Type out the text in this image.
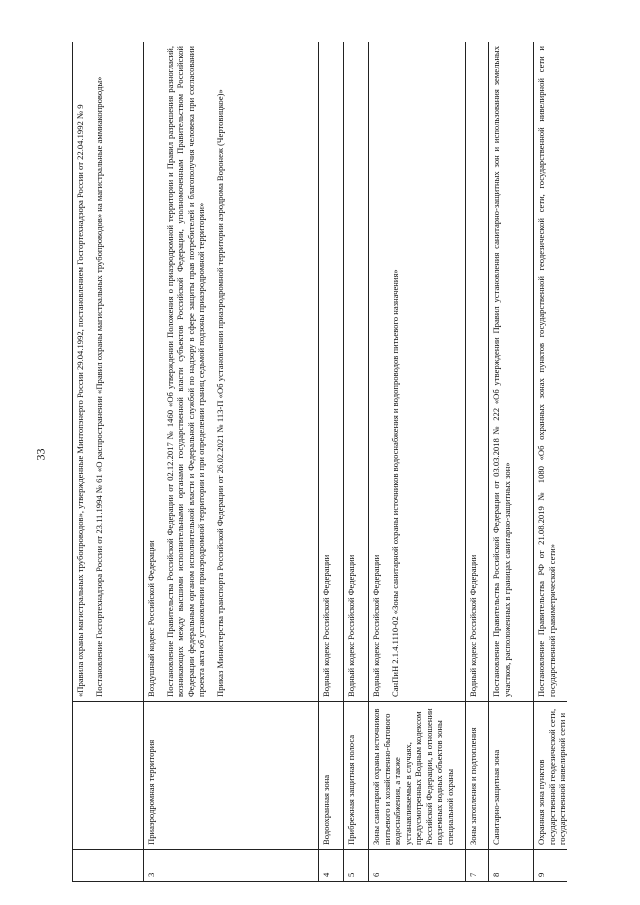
33

		«Правила охраны магистральных трубопроводов», утвержденные Минтопэнерго России 29.04.1992, постановлением Госгортехнадзора России от 22.04.1992 № 9 Постановление Госгортехнадзора России от 23.11.1994 № 61 «О распространении «Правил охраны магистральных трубопроводов» на магистральные аммиакопроводы»

3	Приаэродромная территория	Воздушный кодекс Российской Федерации Постановление Правительства Российской Федерации от 02.12.2017 № 1460 «Об утверждении Положения о приаэродромной территории и Правил разрешения разногласий, возникающих между высшими исполнительными органами государственной власти субъектов Российской Федерации, уполномоченным Правительством Российской Федерации федеральным органом исполнительной власти и Федеральной службой по надзору в сфере защиты прав потребителей и благополучия человека при согласовании проекта акта об установлении приаэродромной территории и при определении границ седьмой подзоны приаэродромной территории» Приказ Министерства транспорта Российской Федерации от 26.02.2021 № 113-П «Об установлении приаэродромной территории аэродрома Воронеж (Чертовицкое)»

4	Водоохранная зона	Водный кодекс Российской Федерации

5	Прибрежная защитная полоса	Водный кодекс Российской Федерации

6	Зоны санитарной охраны источников питьевого и хозяйственно-бытового водоснабжения, а также устанавливаемые в случаях, предусмотренных Водным кодексом Российской Федерации, в отношении подземных водных объектов зоны специальной охраны	Водный кодекс Российской Федерации СанПиН 2.1.4.1110-02 «Зоны санитарной охраны источников водоснабжения и водопроводов питьевого назначения»

7	Зоны затопления и подтопления	Водный кодекс Российской Федерации

8	Санитарно-защитная зона	Постановление Правительства Российской Федерации от 03.03.2018 № 222 «Об утверждении Правил установления санитарно-защитных зон и использования земельных участков, расположенных в границах санитарно-защитных зон»

9	Охранная зона пунктов государственной геодезической сети, государственной нивелирной сети и	Постановление Правительства РФ от 21.08.2019 № 1080 «Об охранных зонах пунктов государственной геодезической сети, государственной нивелирной сети и государственной гравиметрической сети»
